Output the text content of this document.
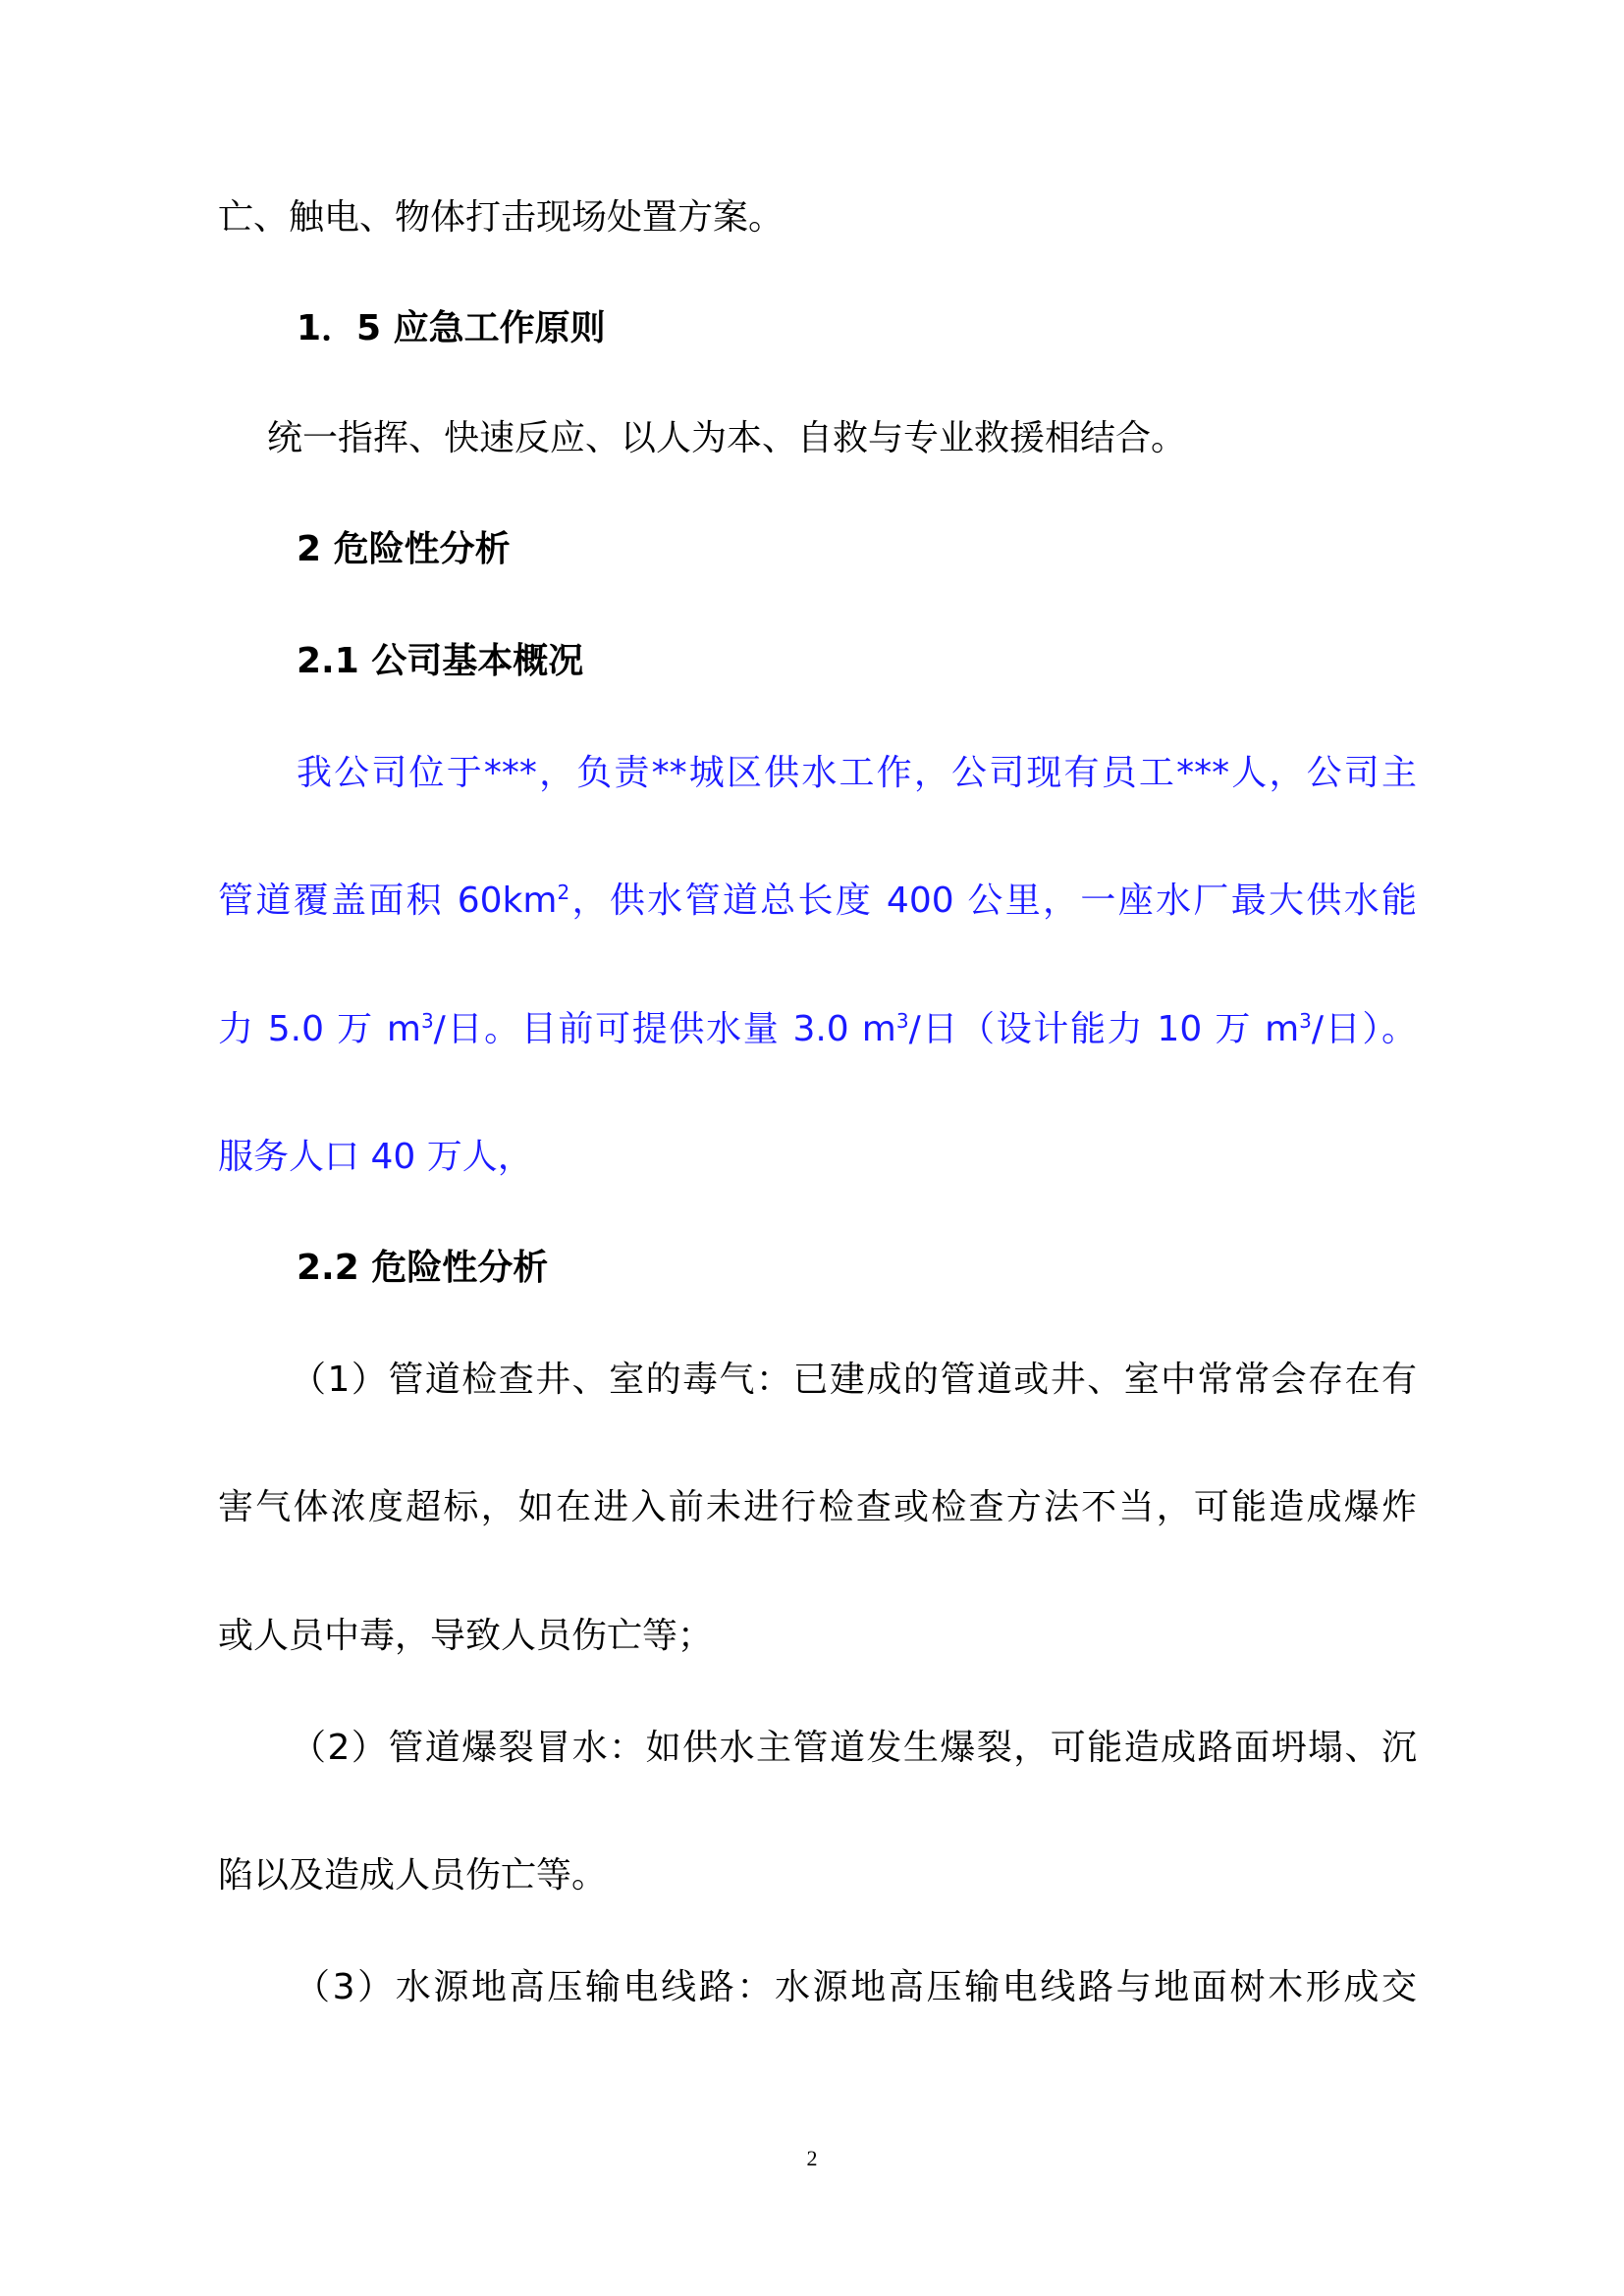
亡、触电、物体打击现场处置方案。
1．5 应急工作原则
统一指挥、快速反应、以人为本、自救与专业救援相结合。
2 危险性分析
2.1 公司基本概况
我公司位于***，负责**城区供水工作，公司现有员工***人，公司主
管道覆盖面积 $60km^2$，供水管道总长度 400 公里，一座水厂最大供水能
力 5.0 万 $m^3/$日。目前可提供水量 3.0 $m^3/$日（设计能力 10 万 $m^3/$日）。
服务人口 40 万人，
2.2 危险性分析
（1）管道检查井、室的毒气：已建成的管道或井、室中常常会存在有
害气体浓度超标，如在进入前未进行检查或检查方法不当，可能造成爆炸
或人员中毒，导致人员伤亡等；
（2）管道爆裂冒水：如供水主管道发生爆裂，可能造成路面坍塌、沉
陷以及造成人员伤亡等。
（3）水源地高压输电线路：水源地高压输电线路与地面树木形成交
2
